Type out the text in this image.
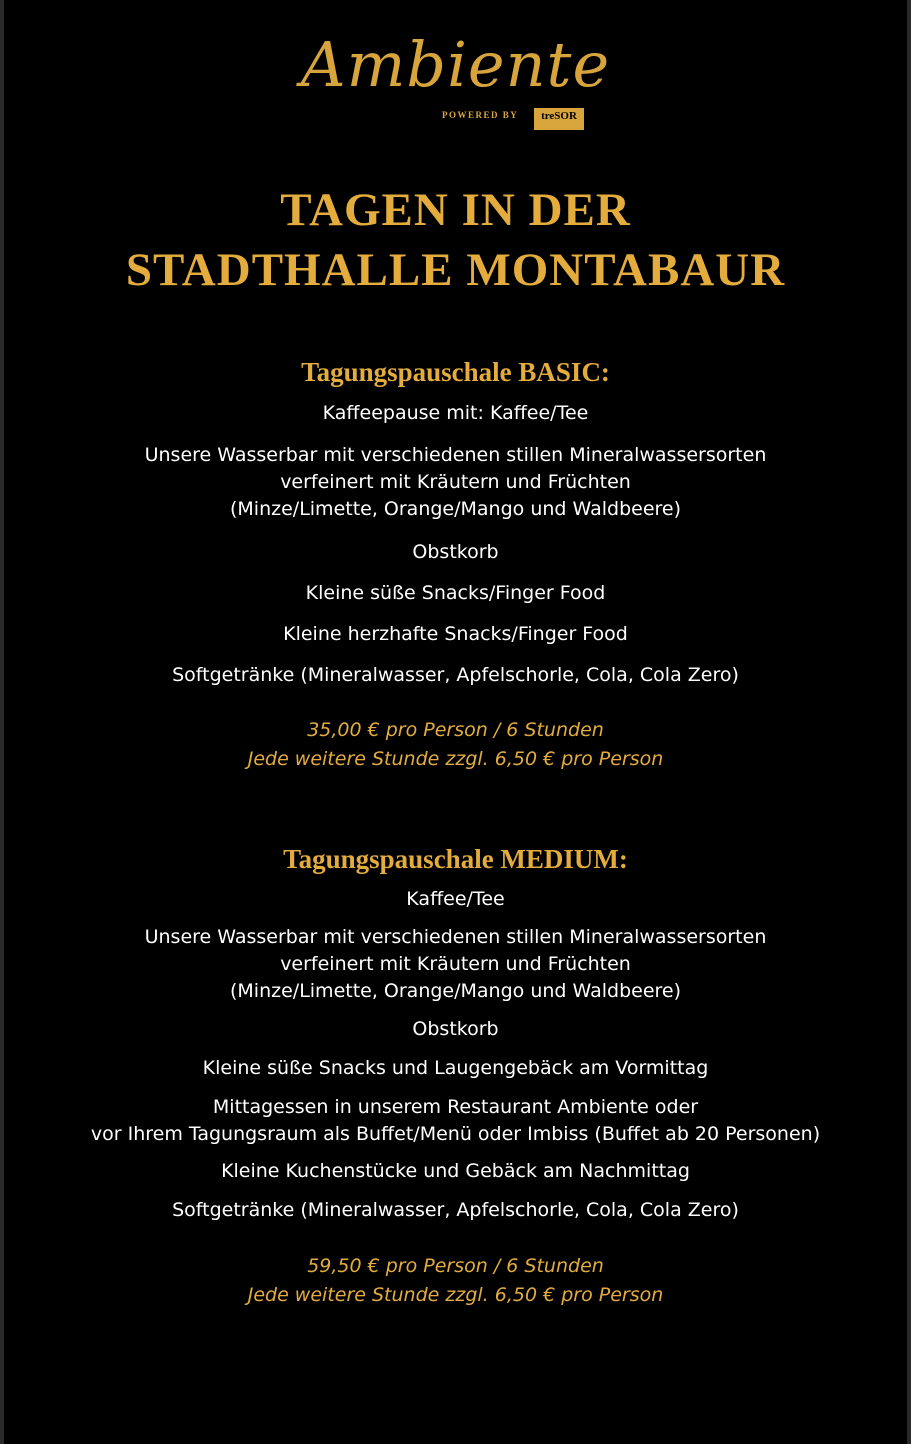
Ambiente
POWERED BY	treSOR
TAGEN IN DER
STADTHALLE MONTABAUR
Tagungspauschale BASIC:
Kaffeepause mit: Kaffee/Tee
Unsere Wasserbar mit verschiedenen stillen Mineralwassersorten
verfeinert mit Kräutern und Früchten
(Minze/Limette, Orange/Mango und Waldbeere)
Obstkorb
Kleine süße Snacks/Finger Food
Kleine herzhafte Snacks/Finger Food
Softgetränke (Mineralwasser, Apfelschorle, Cola, Cola Zero)
35,00 € pro Person / 6 Stunden
Jede weitere Stunde zzgl. 6,50 € pro Person
Tagungspauschale MEDIUM:
Kaffee/Tee
Unsere Wasserbar mit verschiedenen stillen Mineralwassersorten
verfeinert mit Kräutern und Früchten
(Minze/Limette, Orange/Mango und Waldbeere)
Obstkorb
Kleine süße Snacks und Laugengebäck am Vormittag
Mittagessen in unserem Restaurant Ambiente oder
vor Ihrem Tagungsraum als Buffet/Menü oder Imbiss (Buffet ab 20 Personen)
Kleine Kuchenstücke und Gebäck am Nachmittag
Softgetränke (Mineralwasser, Apfelschorle, Cola, Cola Zero)
59,50 € pro Person / 6 Stunden
Jede weitere Stunde zzgl. 6,50 € pro Person
